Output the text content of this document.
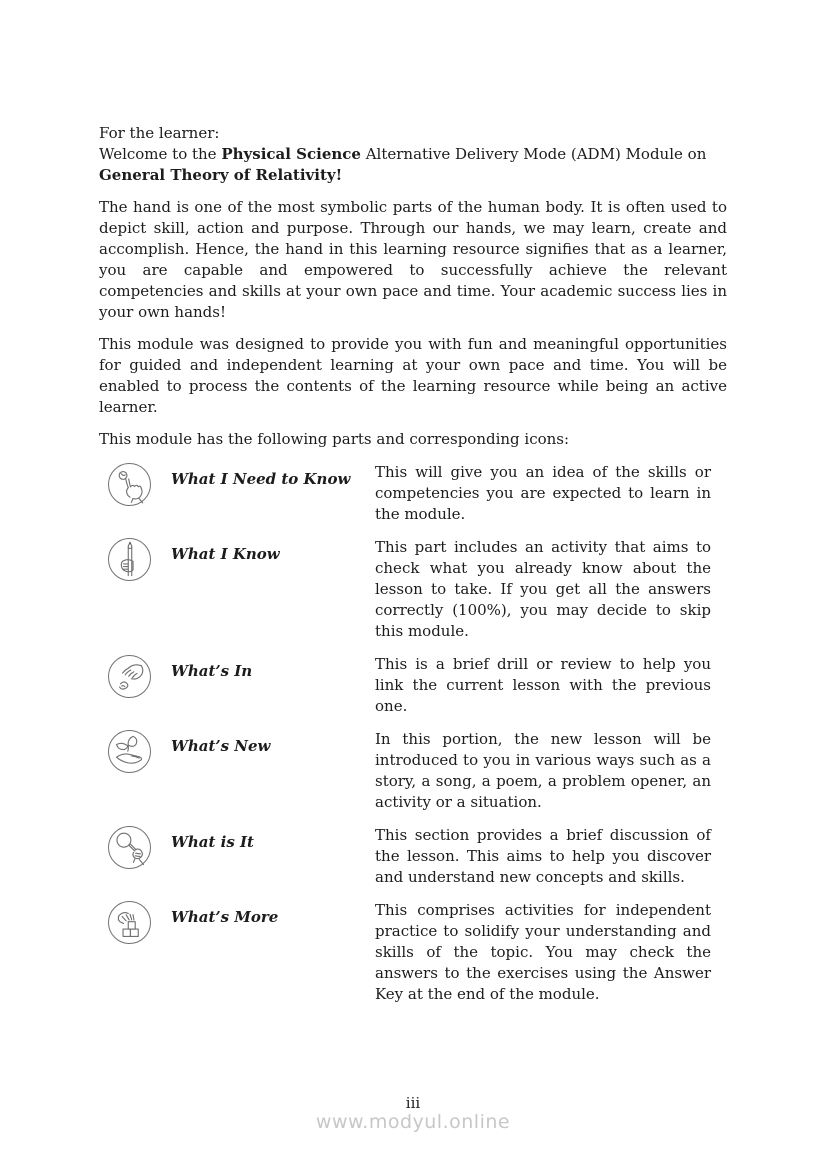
For the learner:

Welcome to the Physical Science Alternative Delivery Mode (ADM) Module on
General Theory of Relativity!

The hand is one of the most symbolic parts of the human body. It is often used to depict skill, action and purpose. Through our hands, we may learn, create and accomplish. Hence, the hand in this learning resource signifies that as a learner, you are capable and empowered to successfully achieve the relevant competencies and skills at your own pace and time. Your academic success lies in your own hands!

This module was designed to provide you with fun and meaningful opportunities for guided and independent learning at your own pace and time. You will be enabled to process the contents of the learning resource while being an active learner.

This module has the following parts and corresponding icons:

What I Need to Know	This will give you an idea of the skills or competencies you are expected to learn in the module.
What I Know	This part includes an activity that aims to check what you already know about the lesson to take. If you get all the answers correctly (100%), you may decide to skip this module.
What’s In	This is a brief drill or review to help you link the current lesson with the previous one.
What’s New	In this portion, the new lesson will be introduced to you in various ways such as a story, a song, a poem, a problem opener, an activity or a situation.
What is It	This section provides a brief discussion of the lesson. This aims to help you discover and understand new concepts and skills.
What’s More	This comprises activities for independent practice to solidify your understanding and skills of the topic. You may check the answers to the exercises using the Answer Key at the end of the module.
iii
www.modyul.online
